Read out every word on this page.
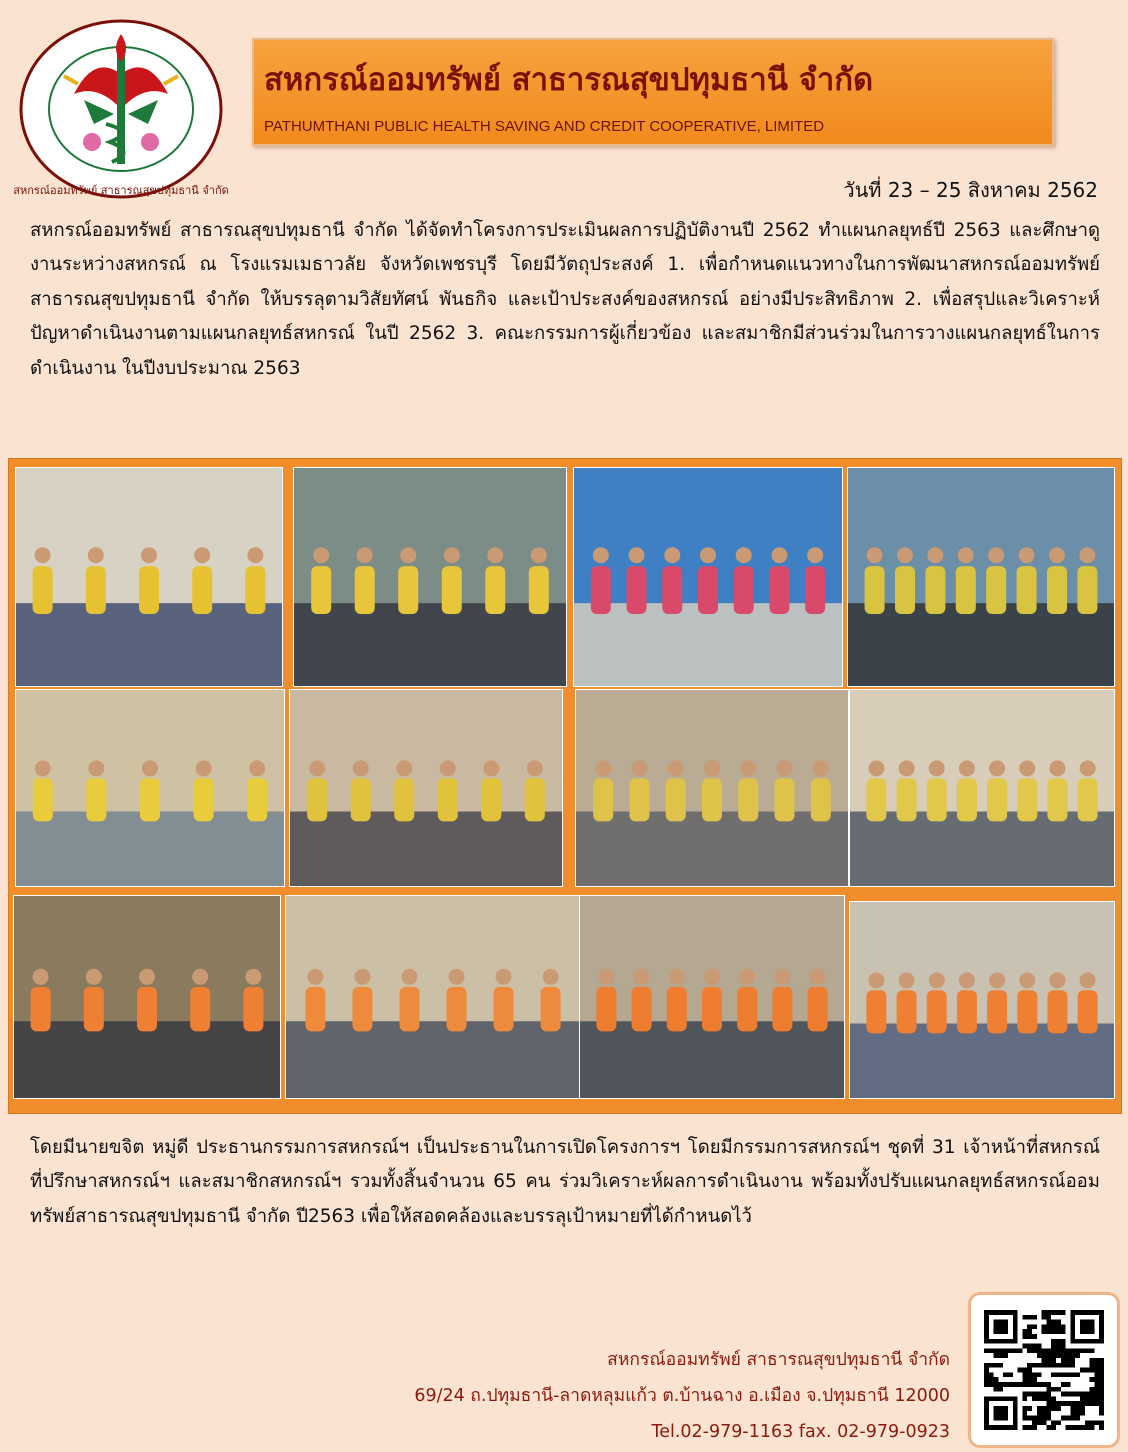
สหกรณ์ออมทรัพย์ สาธารณสุขปทุมธานี จำกัด
สหกรณ์ออมทรัพย์ สาธารณสุขปทุมธานี จำกัด
PATHUMTHANI PUBLIC HEALTH SAVING AND CREDIT COOPERATIVE, LIMITED
วันที่ 23 – 25 สิงหาคม 2562
สหกรณ์ออมทรัพย์ สาธารณสุขปทุมธานี จำกัด ได้จัดทำโครงการประเมินผลการปฏิบัติงานปี 2562 ทำแผนกลยุทธ์ปี 2563 และศึกษาดูงานระหว่างสหกรณ์ ณ โรงแรมเมธาวลัย จังหวัดเพชรบุรี โดยมีวัตถุประสงค์ 1. เพื่อกำหนดแนวทางในการพัฒนาสหกรณ์ออมทรัพย์สาธารณสุขปทุมธานี จำกัด ให้บรรลุตามวิสัยทัศน์ พันธกิจ และเป้าประสงค์ของสหกรณ์ อย่างมีประสิทธิภาพ 2. เพื่อสรุปและวิเคราะห์ปัญหาดำเนินงานตามแผนกลยุทธ์สหกรณ์ ในปี 2562 3. คณะกรรมการผู้เกี่ยวข้อง และสมาชิกมีส่วนร่วมในการวางแผนกลยุทธ์ในการดำเนินงาน ในปีงบประมาณ 2563
โดยมีนายขจิต หมู่ดี ประธานกรรมการสหกรณ์ฯ เป็นประธานในการเปิดโครงการฯ โดยมีกรรมการสหกรณ์ฯ ชุดที่ 31 เจ้าหน้าที่สหกรณ์ ที่ปรึกษาสหกรณ์ฯ และสมาชิกสหกรณ์ฯ รวมทั้งสิ้นจำนวน 65 คน ร่วมวิเคราะห์ผลการดำเนินงาน พร้อมทั้งปรับแผนกลยุทธ์สหกรณ์ออมทรัพย์สาธารณสุขปทุมธานี จำกัด ปี2563 เพื่อให้สอดคล้องและบรรลุเป้าหมายที่ได้กำหนดไว้
สหกรณ์ออมทรัพย์ สาธารณสุขปทุมธานี จำกัด
69/24 ถ.ปทุมธานี-ลาดหลุมแก้ว ต.บ้านฉาง อ.เมือง จ.ปทุมธานี 12000
Tel.02-979-1163 fax. 02-979-0923
